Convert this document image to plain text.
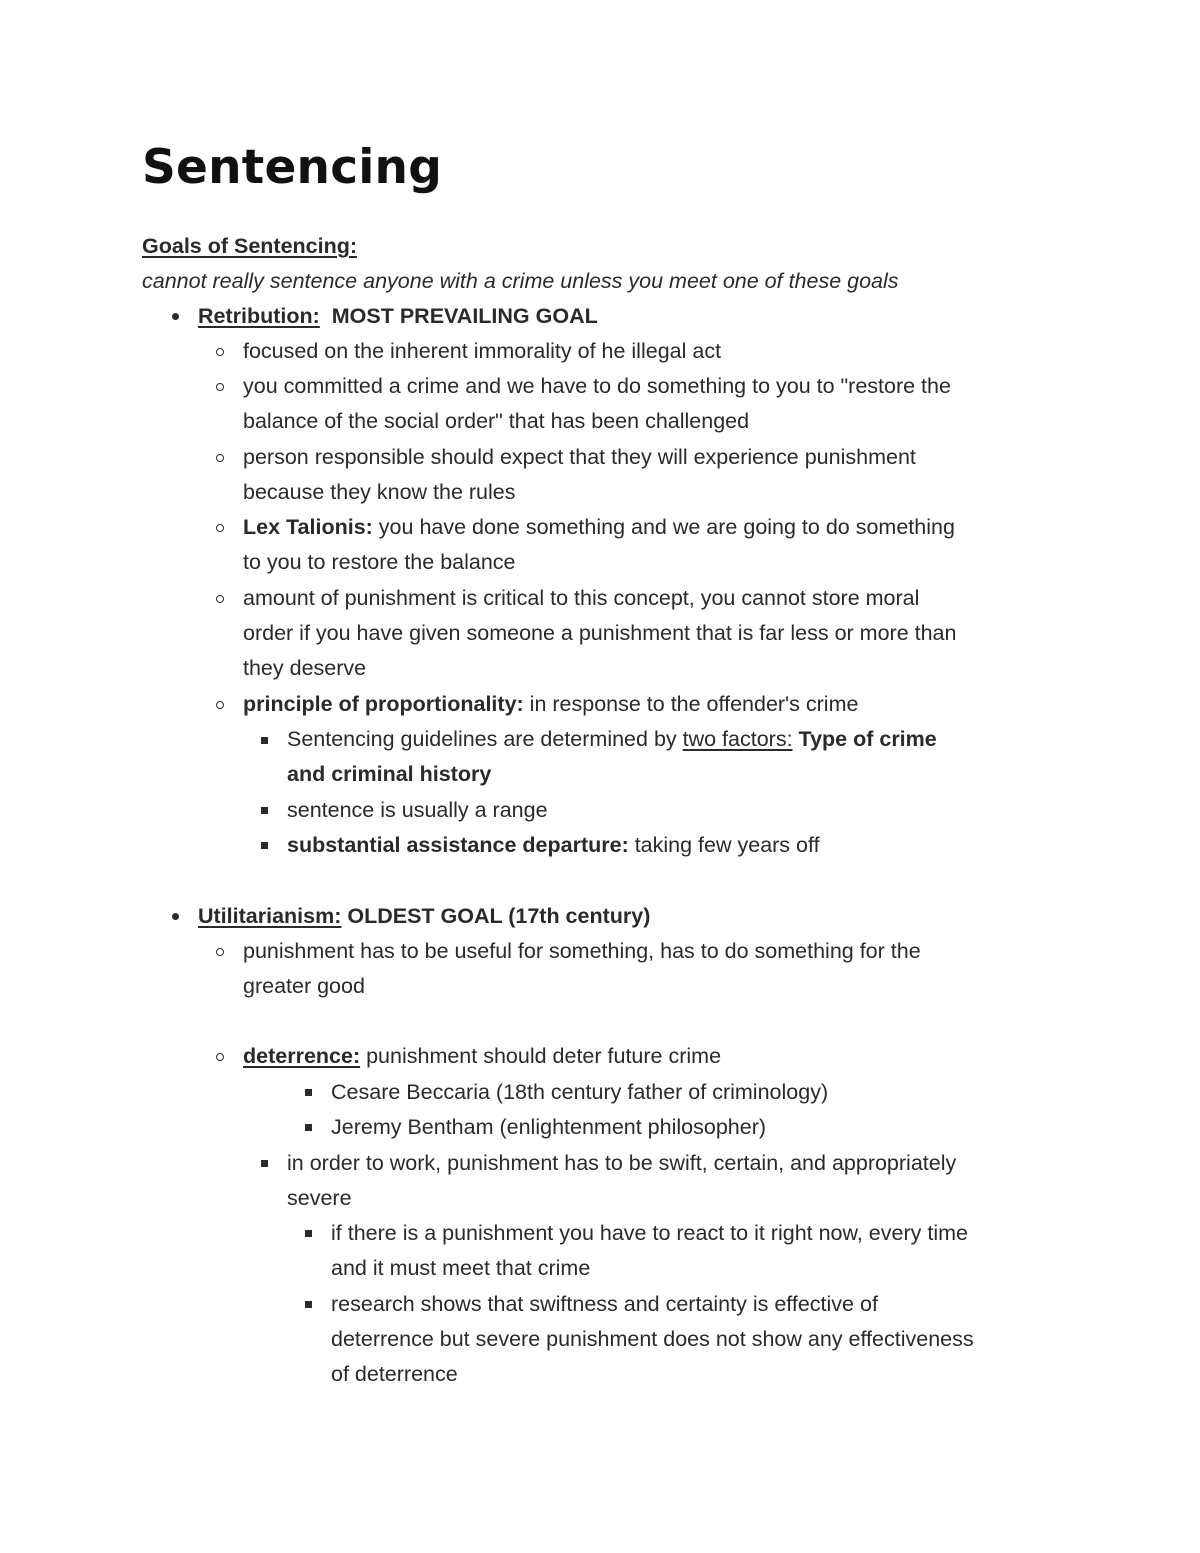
Sentencing
Goals of Sentencing:
cannot really sentence anyone with a crime unless you meet one of these goals
Retribution: MOST PREVAILING GOAL
focused on the inherent immorality of he illegal act
you committed a crime and we have to do something to you to "restore the
balance of the social order" that has been challenged
person responsible should expect that they will experience punishment
because they know the rules
Lex Talionis: you have done something and we are going to do something
to you to restore the balance
amount of punishment is critical to this concept, you cannot store moral
order if you have given someone a punishment that is far less or more than
they deserve
principle of proportionality: in response to the offender's crime
Sentencing guidelines are determined by two factors: Type of crime
and criminal history
sentence is usually a range
substantial assistance departure: taking few years off
Utilitarianism: OLDEST GOAL (17th century)
punishment has to be useful for something, has to do something for the
greater good
deterrence: punishment should deter future crime
Cesare Beccaria (18th century father of criminology)
Jeremy Bentham (enlightenment philosopher)
in order to work, punishment has to be swift, certain, and appropriately
severe
if there is a punishment you have to react to it right now, every time
and it must meet that crime
research shows that swiftness and certainty is effective of
deterrence but severe punishment does not show any effectiveness
of deterrence
